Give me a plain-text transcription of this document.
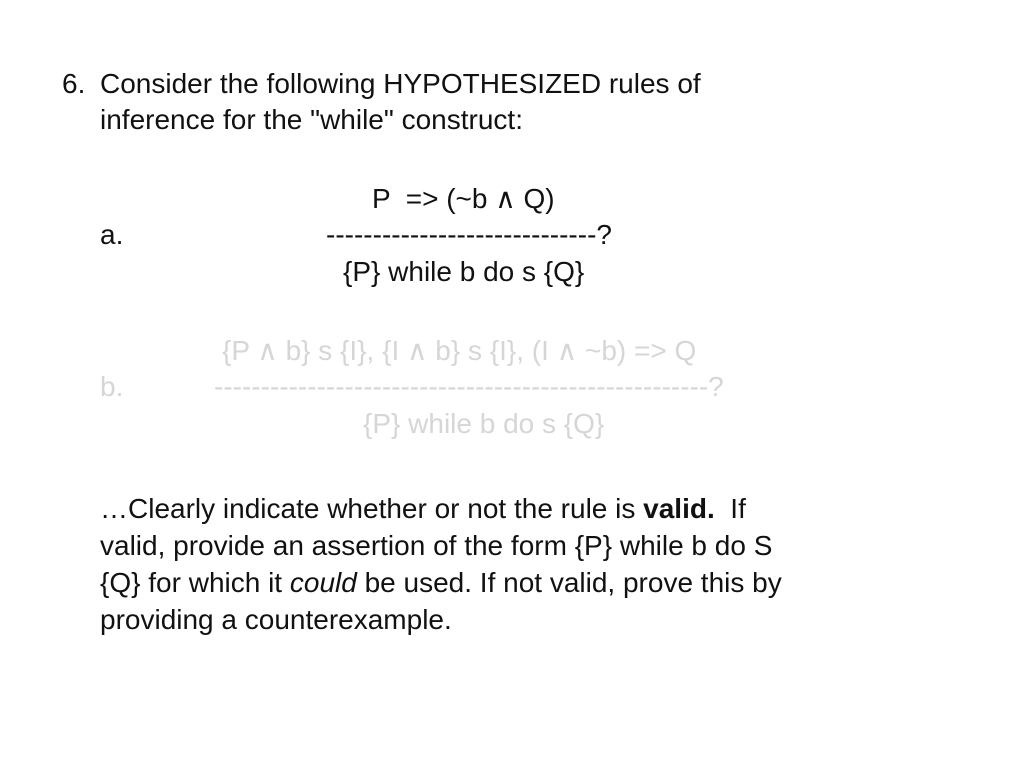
6. Consider the following HYPOTHESIZED rules of
inference for the "while" construct:
a.
P  => (~b ∧ Q)
-----------------------------?
{P} while b do s {Q}
b.
{P ∧ b} s {I}, {I ∧ b} s {I}, (I ∧ ~b) => Q
-----------------------------------------------------?
{P} while b do s {Q}
…Clearly indicate whether or not the rule is valid.  If
valid, provide an assertion of the form {P} while b do S
{Q} for which it could be used. If not valid, prove this by
providing a counterexample.
